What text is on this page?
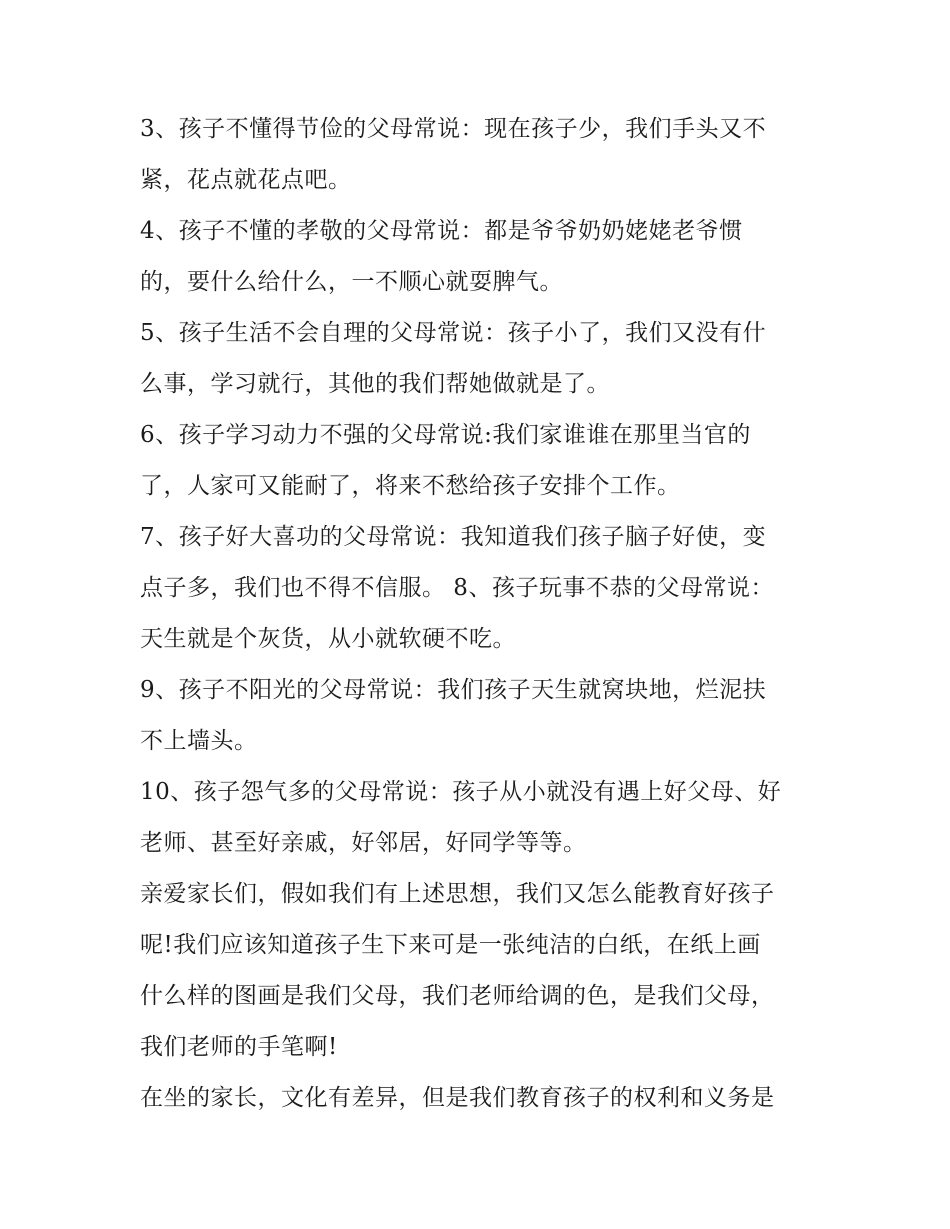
3、孩子不懂得节俭的父母常说：现在孩子少，我们手头又不
紧，花点就花点吧。
4、孩子不懂的孝敬的父母常说：都是爷爷奶奶姥姥老爷惯
的，要什么给什么，一不顺心就耍脾气。
5、孩子生活不会自理的父母常说：孩子小了，我们又没有什
么事，学习就行，其他的我们帮她做就是了。
6、孩子学习动力不强的父母常说:我们家谁谁在那里当官的
了，人家可又能耐了，将来不愁给孩子安排个工作。
7、孩子好大喜功的父母常说：我知道我们孩子脑子好使，变
点子多，我们也不得不信服。 8、孩子玩事不恭的父母常说：
天生就是个灰货，从小就软硬不吃。
9、孩子不阳光的父母常说：我们孩子天生就窝块地，烂泥扶
不上墙头。
10、孩子怨气多的父母常说：孩子从小就没有遇上好父母、好
老师、甚至好亲戚，好邻居，好同学等等。
亲爱家长们，假如我们有上述思想，我们又怎么能教育好孩子
呢!我们应该知道孩子生下来可是一张纯洁的白纸，在纸上画
什么样的图画是我们父母，我们老师给调的色，是我们父母，
我们老师的手笔啊!
在坐的家长，文化有差异，但是我们教育孩子的权利和义务是
